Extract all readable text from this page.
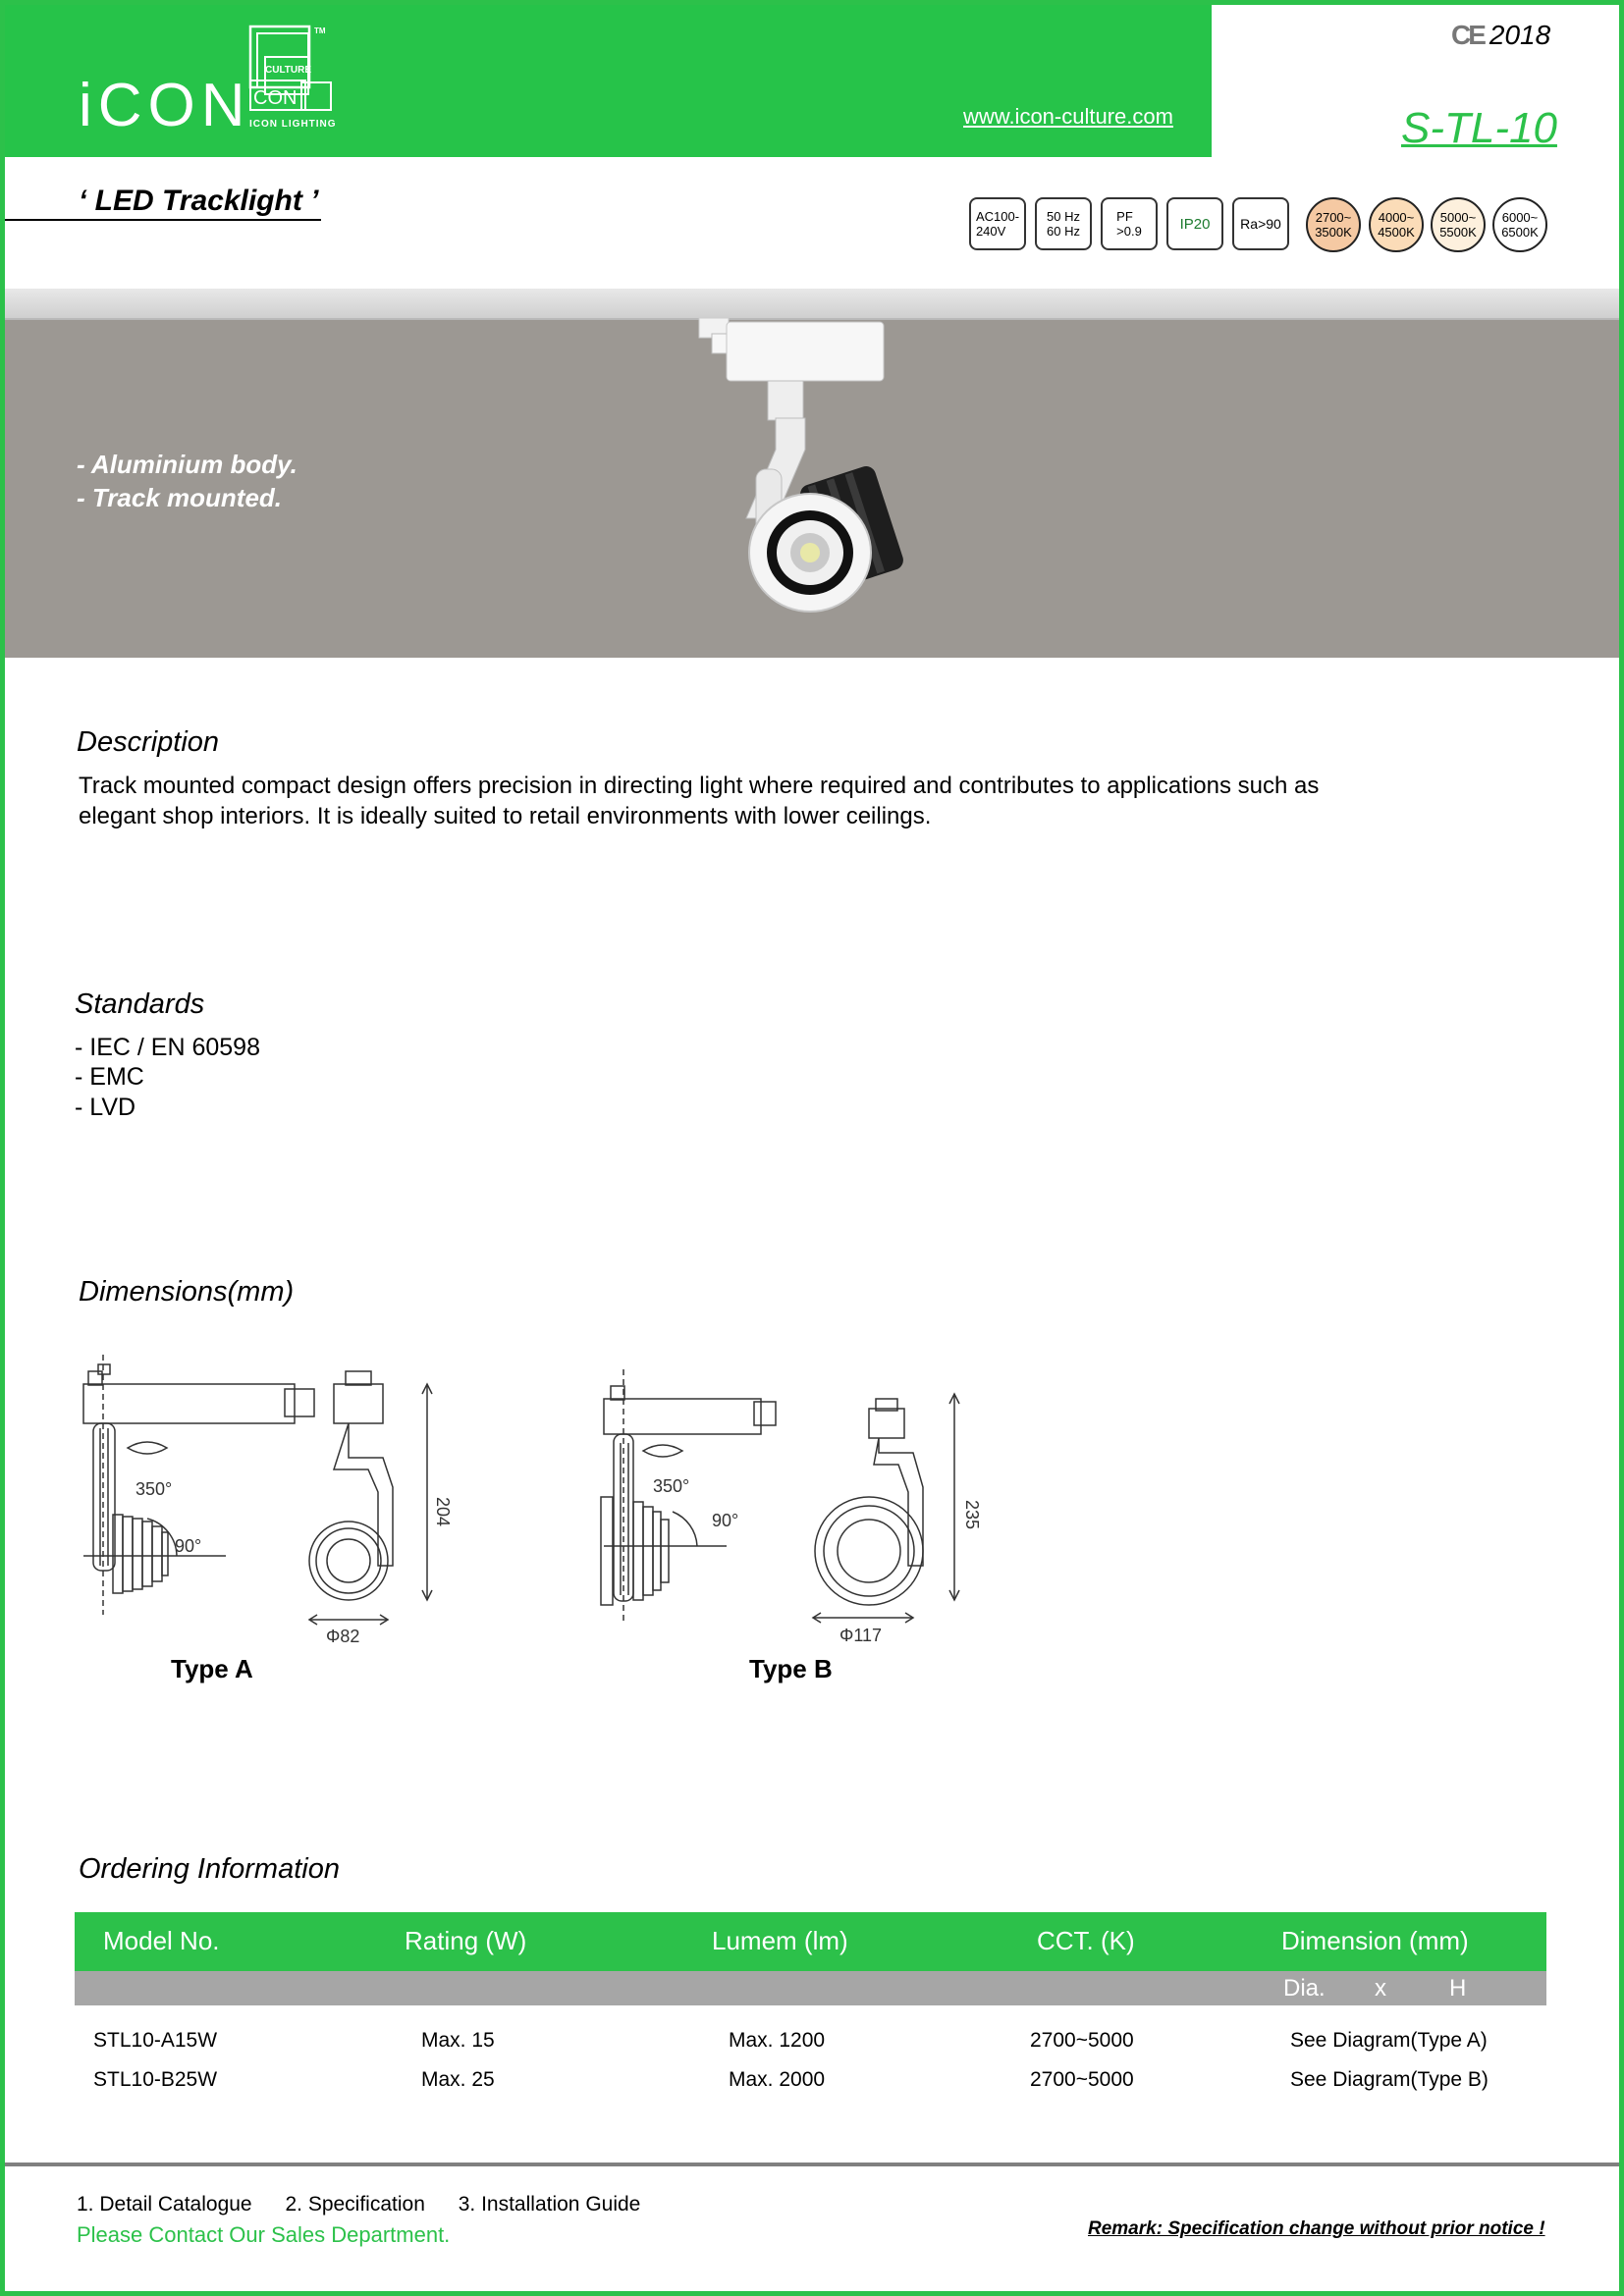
iCON
CULTURE
CON
TM
ICON LIGHTING	www.icon-culture.com
CE 2018
S-TL-10
‘ LED Tracklight ’	AC100-
240V
50 Hz
60 Hz
PF
>0.9	IP20	Ra>90	2700~
3500K
4000~
4500K
5000~
5500K
6000~
6500K
- Aluminium body.
- Track mounted.
Description
Track mounted compact design offers precision in directing light where required and contributes to applications such as
elegant shop interiors. It is ideally suited to retail environments with lower ceilings.
Standards
- IEC / EN 60598
- EMC
- LVD
Dimensions(mm)
350°
90°
204
Φ82
Type A
350°
90°	235
Φ117
Type B
Ordering Information
Model No.	Rating (W)	Lumem (lm)	CCT. (K)	Dimension (mm)
Dia. x	H
STL10-A15W	Max. 15	Max. 1200	2700~5000	See Diagram(Type A)
STL10-B25W	Max. 25	Max. 2000	2700~5000	See Diagram(Type B)
1. Detail Catalogue 2. Specification 3. Installation Guide
Please Contact Our Sales Department.	Remark: Specification change without prior notice !
